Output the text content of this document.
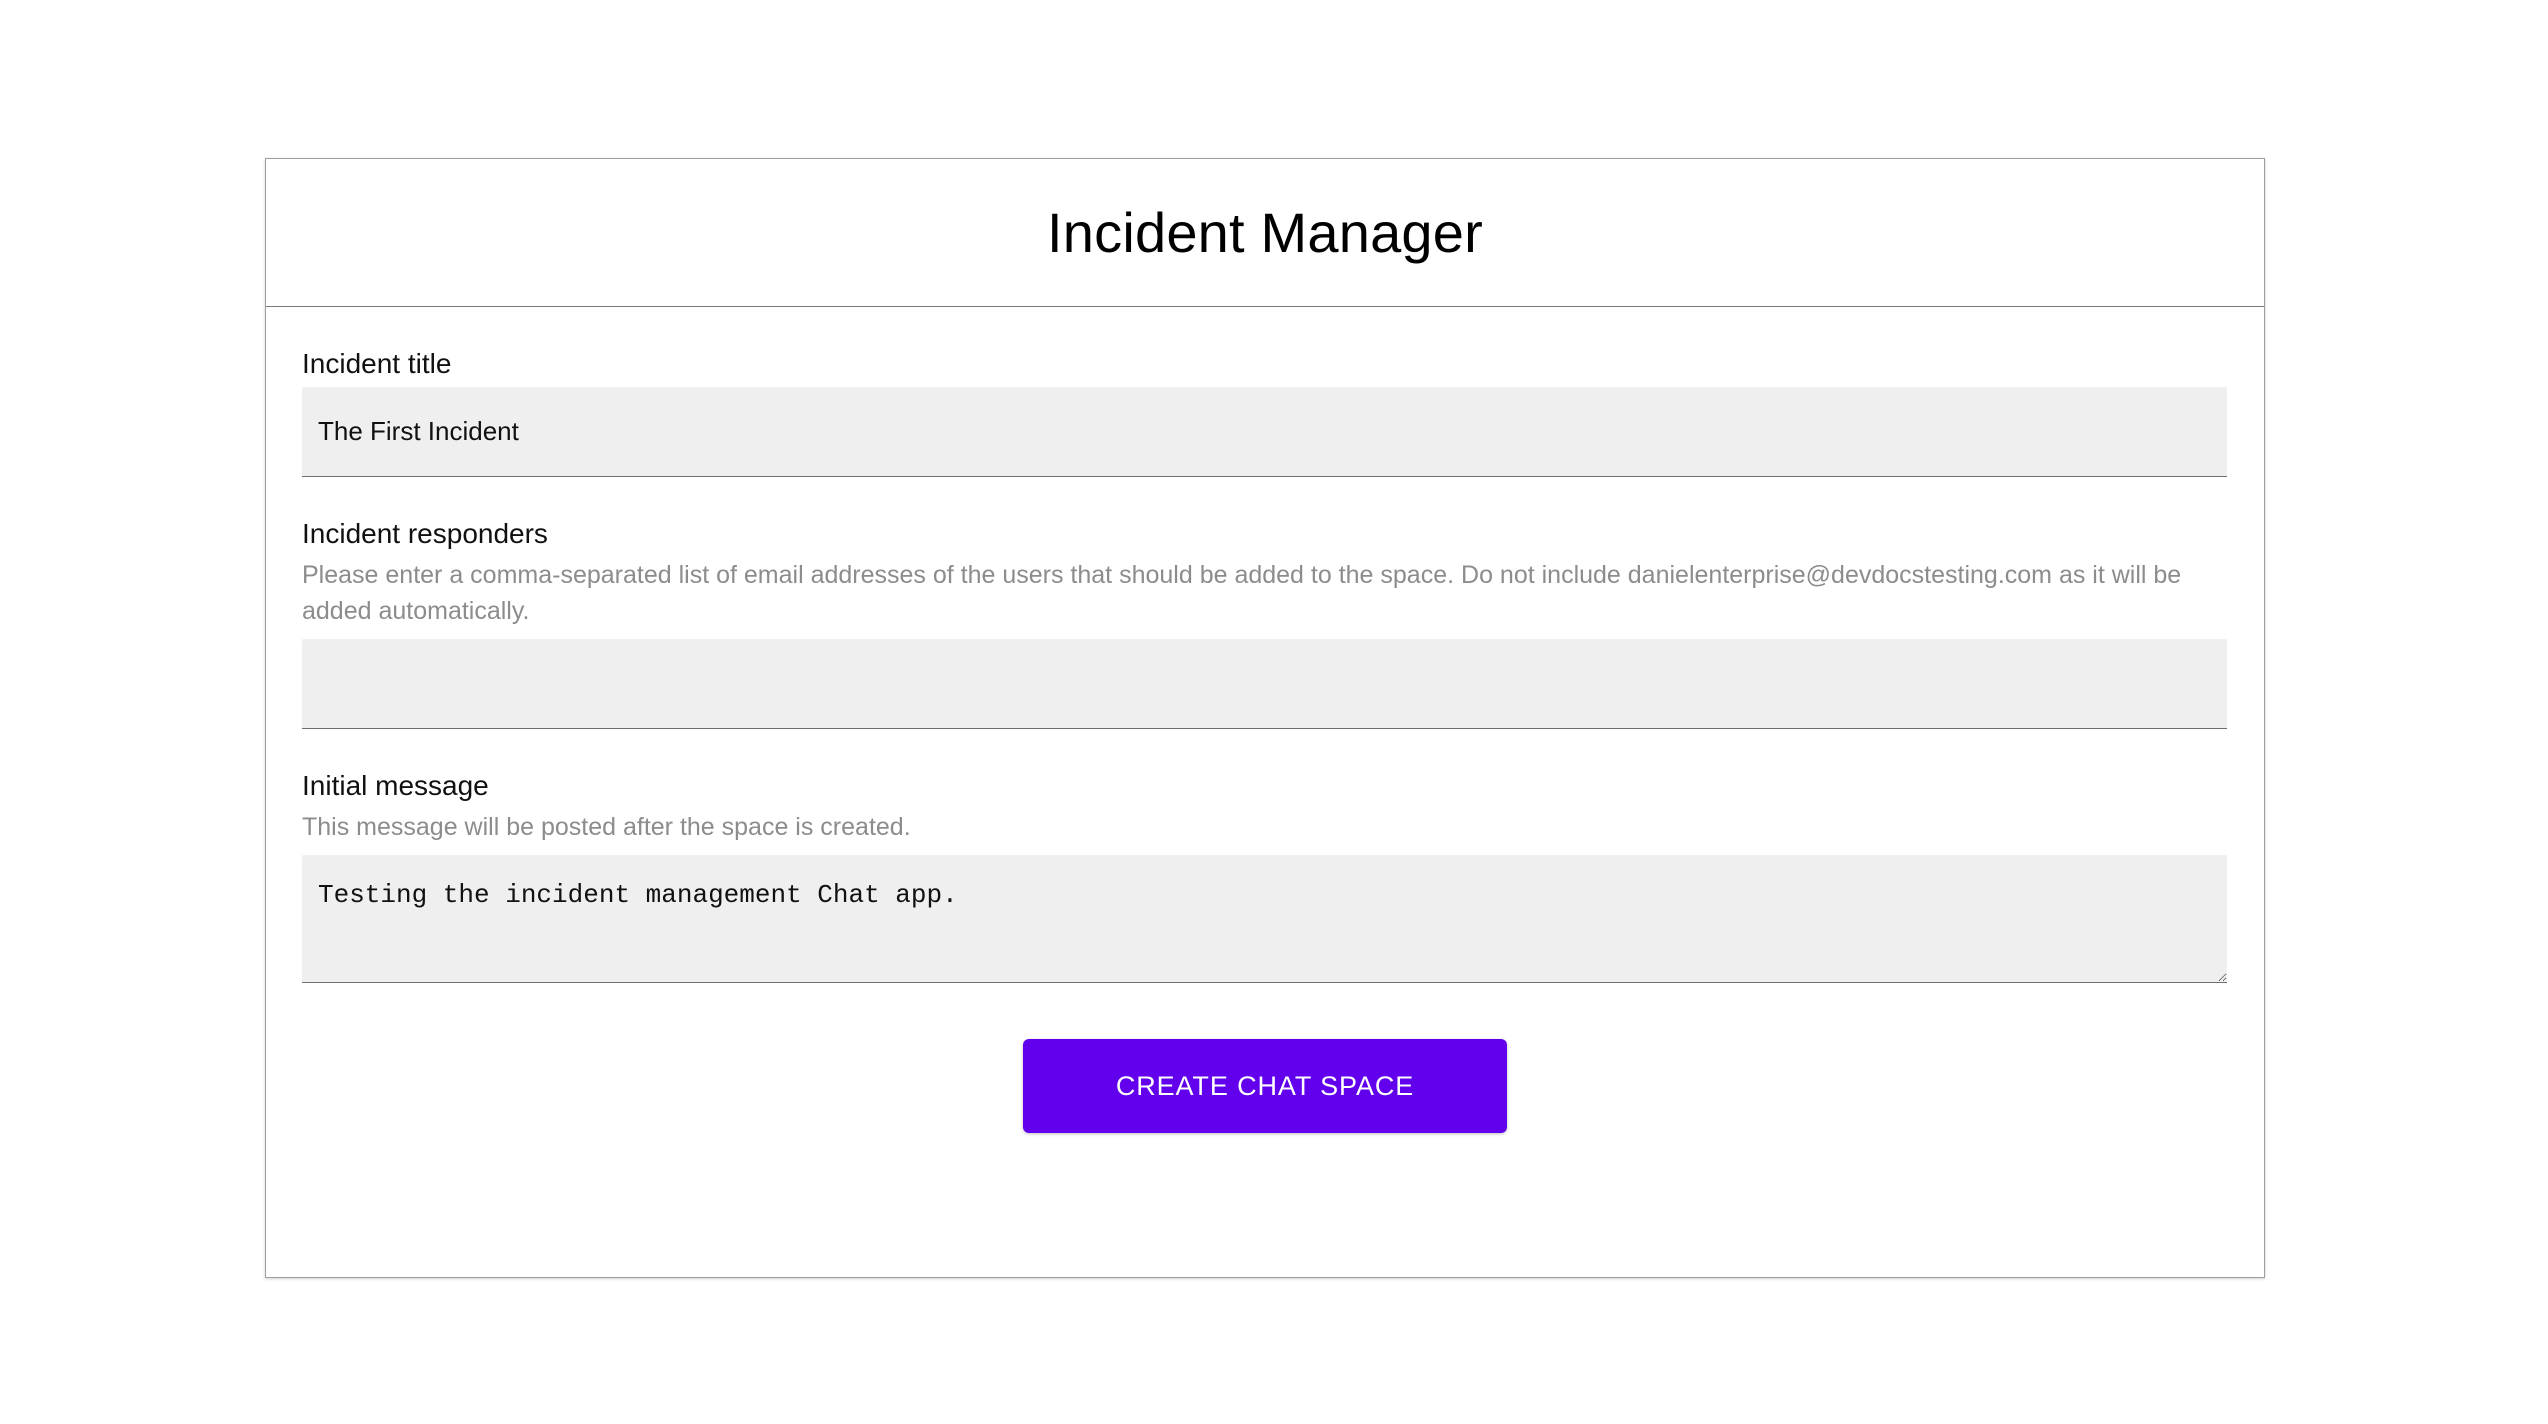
Incident Manager
Incident title
The First Incident
Incident responders

Please enter a comma-separated list of email addresses of the users that should be added to the space. Do not include danielenterprise@devdocstesting.com as it will be added automatically.

Initial message

This message will be posted after the space is created.

Testing the incident management Chat app.
CREATE CHAT SPACE
